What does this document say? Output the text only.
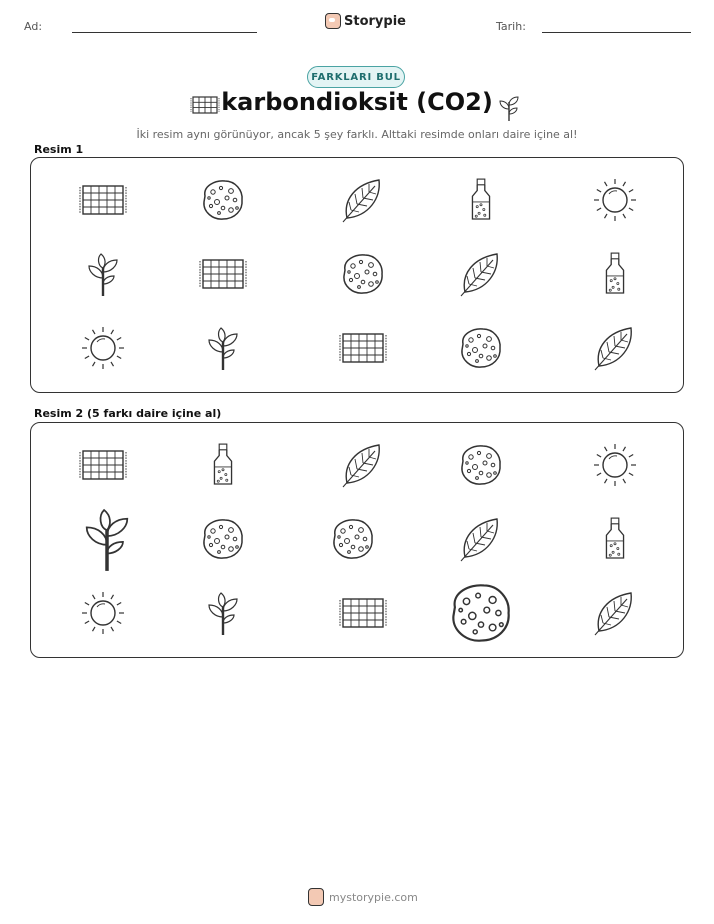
Ad:	Storypie	Tarih:
FARKLARI BUL
karbondioksit (CO2)
İki resim aynı görünüyor, ancak 5 şey farklı. Alttaki resimde onları daire içine al!
Resim 1
Resim 2 (5 farkı daire içine al)
mystorypie.com
